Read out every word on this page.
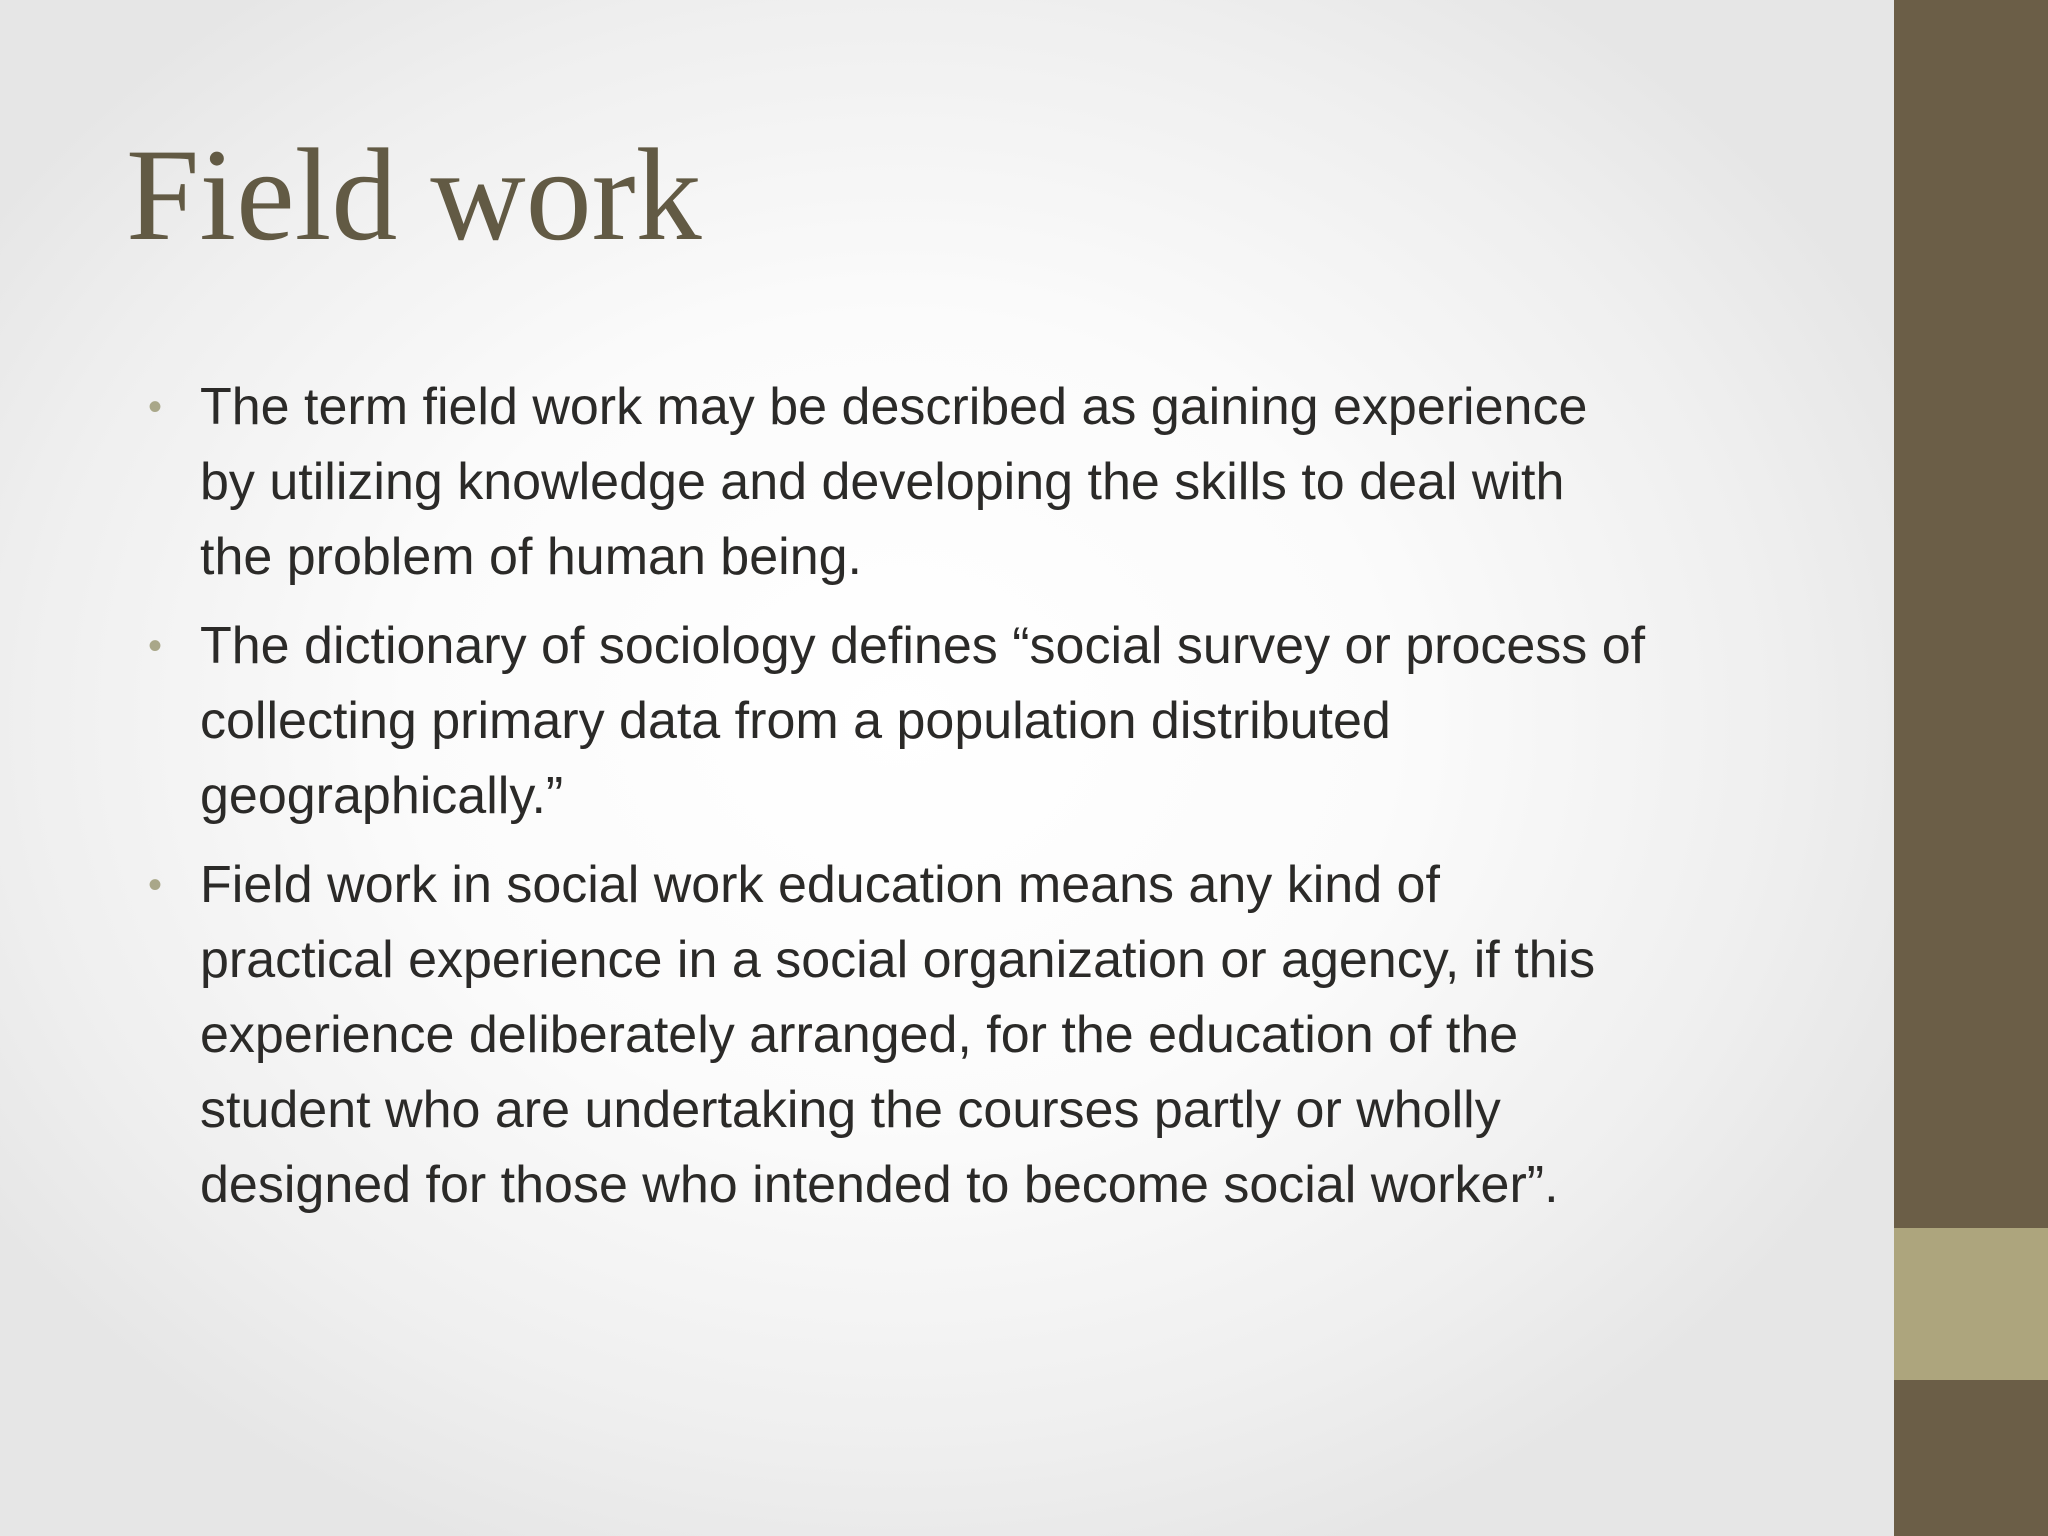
Field work
• The term field work may be described as gaining experience
by utilizing knowledge and developing the skills to deal with
the problem of human being.
• The dictionary of sociology defines “social survey or process of
collecting primary data from a population distributed
geographically.”
• Field work in social work education means any kind of
practical experience in a social organization or agency, if this
experience deliberately arranged, for the education of the
student who are undertaking the courses partly or wholly
designed for those who intended to become social worker”.
